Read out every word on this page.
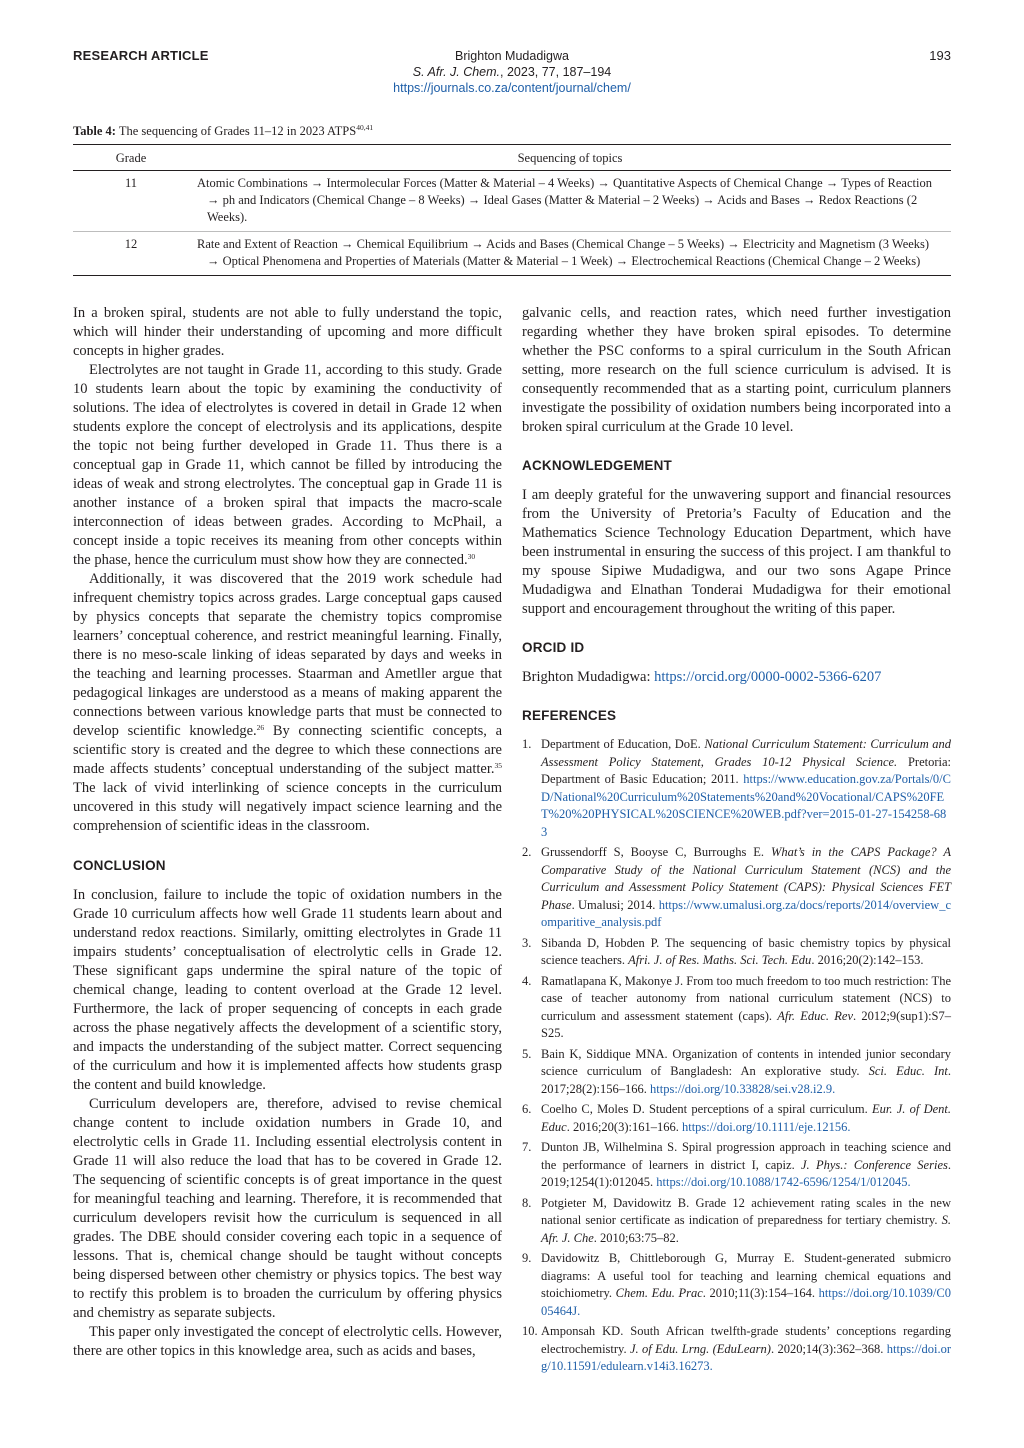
RESEARCH ARTICLE	Brighton Mudadigwa
S. Afr. J. Chem., 2023, 77, 187–194
https://journals.co.za/content/journal/chem/
193
Table 4: The sequencing of Grades 11–12 in 2023 ATPS$^{40,41}$
Grade	Sequencing of topics
11	Atomic Combinations → Intermolecular Forces (Matter & Material – 4 Weeks) → Quantitative Aspects of Chemical Change → Types of Reaction → ph and Indicators (Chemical Change – 8 Weeks) → Ideal Gases (Matter & Material – 2 Weeks) → Acids and Bases → Redox Reactions (2 Weeks).

12	Rate and Extent of Reaction → Chemical Equilibrium → Acids and Bases (Chemical Change – 5 Weeks) → Electricity and Magnetism (3 Weeks) → Optical Phenomena and Properties of Materials (Matter & Material – 1 Week) → Electrochemical Reactions (Chemical Change – 2 Weeks)

In a broken spiral, students are not able to fully understand the topic, which will hinder their understanding of upcoming and more difficult concepts in higher grades.

Electrolytes are not taught in Grade 11, according to this study. Grade 10 students learn about the topic by examining the conductivity of solutions. The idea of electrolytes is covered in detail in Grade 12 when students explore the concept of electrolysis and its applications, despite the topic not being further developed in Grade 11. Thus there is a conceptual gap in Grade 11, which cannot be filled by introducing the ideas of weak and strong electrolytes. The conceptual gap in Grade 11 is another instance of a broken spiral that impacts the macro-scale interconnection of ideas between grades. According to McPhail, a concept inside a topic receives its meaning from other concepts within the phase, hence the curriculum must show how they are connected.$^{30}$

Additionally, it was discovered that the 2019 work schedule had infrequent chemistry topics across grades. Large conceptual gaps caused by physics concepts that separate the chemistry topics compromise learners’ conceptual coherence, and restrict meaningful learning. Finally, there is no meso-scale linking of ideas separated by days and weeks in the teaching and learning processes. Staarman and Ametller argue that pedagogical linkages are understood as a means of making apparent the connections between various knowledge parts that must be connected to develop scientific knowledge.$^{26}$ By connecting scientific concepts, a scientific story is created and the degree to which these connections are made affects students’ conceptual understanding of the subject matter.$^{35}$ The lack of vivid interlinking of science concepts in the curriculum uncovered in this study will negatively impact science learning and the comprehension of scientific ideas in the classroom.

CONCLUSION

In conclusion, failure to include the topic of oxidation numbers in the Grade 10 curriculum affects how well Grade 11 students learn about and understand redox reactions. Similarly, omitting electrolytes in Grade 11 impairs students’ conceptualisation of electrolytic cells in Grade 12. These significant gaps undermine the spiral nature of the topic of chemical change, leading to content overload at the Grade 12 level. Furthermore, the lack of proper sequencing of concepts in each grade across the phase negatively affects the development of a scientific story, and impacts the understanding of the subject matter. Correct sequencing of the curriculum and how it is implemented affects how students grasp the content and build knowledge.

Curriculum developers are, therefore, advised to revise chemical change content to include oxidation numbers in Grade 10, and electrolytic cells in Grade 11. Including essential electrolysis content in Grade 11 will also reduce the load that has to be covered in Grade 12. The sequencing of scientific concepts is of great importance in the quest for meaningful teaching and learning. Therefore, it is recommended that curriculum developers revisit how the curriculum is sequenced in all grades. The DBE should consider covering each topic in a sequence of lessons. That is, chemical change should be taught without concepts being dispersed between other chemistry or physics topics. The best way to rectify this problem is to broaden the curriculum by offering physics and chemistry as separate subjects.

This paper only investigated the concept of electrolytic cells. However, there are other topics in this knowledge area, such as acids and bases,

galvanic cells, and reaction rates, which need further investigation regarding whether they have broken spiral episodes. To determine whether the PSC conforms to a spiral curriculum in the South African setting, more research on the full science curriculum is advised. It is consequently recommended that as a starting point, curriculum planners investigate the possibility of oxidation numbers being incorporated into a broken spiral curriculum at the Grade 10 level.

ACKNOWLEDGEMENT

I am deeply grateful for the unwavering support and financial resources from the University of Pretoria’s Faculty of Education and the Mathematics Science Technology Education Department, which have been instrumental in ensuring the success of this project. I am thankful to my spouse Sipiwe Mudadigwa, and our two sons Agape Prince Mudadigwa and Elnathan Tonderai Mudadigwa for their emotional support and encouragement throughout the writing of this paper.

ORCID ID

Brighton Mudadigwa: https://orcid.org/0000-0002-5366-6207

REFERENCES
1. Department of Education, DoE. National Curriculum Statement: Curriculum and Assessment Policy Statement, Grades 10-12 Physical Science. Pretoria: Department of Basic Education; 2011. https://www.education.gov.za/Portals/0/CD/National%20Curriculum%20Statements%20and%20Vocational/CAPS%20FET%20%20PHYSICAL%20SCIENCE%20WEB.pdf?ver=2015-01-27-154258-683
2. Grussendorff S, Booyse C, Burroughs E. What’s in the CAPS Package? A Comparative Study of the National Curriculum Statement (NCS) and the Curriculum and Assessment Policy Statement (CAPS): Physical Sciences FET Phase. Umalusi; 2014. https://www.umalusi.org.za/docs/reports/2014/overview_comparitive_analysis.pdf
3. Sibanda D, Hobden P. The sequencing of basic chemistry topics by physical science teachers. Afri. J. of Res. Maths. Sci. Tech. Edu. 2016;20(2):142–153.
4. Ramatlapana K, Makonye J. From too much freedom to too much restriction: The case of teacher autonomy from national curriculum statement (NCS) to curriculum and assessment statement (caps). Afr. Educ. Rev. 2012;9(sup1):S7–S25.
5. Bain K, Siddique MNA. Organization of contents in intended junior secondary science curriculum of Bangladesh: An explorative study. Sci. Educ. Int. 2017;28(2):156–166. https://doi.org/10.33828/sei.v28.i2.9.
6. Coelho C, Moles D. Student perceptions of a spiral curriculum. Eur. J. of Dent. Educ. 2016;20(3):161–166. https://doi.org/10.1111/eje.12156.
7. Dunton JB, Wilhelmina S. Spiral progression approach in teaching science and the performance of learners in district I, capiz. J. Phys.: Conference Series. 2019;1254(1):012045. https://doi.org/10.1088/1742-6596/1254/1/012045.
8. Potgieter M, Davidowitz B. Grade 12 achievement rating scales in the new national senior certificate as indication of preparedness for tertiary chemistry. S. Afr. J. Che. 2010;63:75–82.
9. Davidowitz B, Chittleborough G, Murray E. Student-generated submicro diagrams: A useful tool for teaching and learning chemical equations and stoichiometry. Chem. Edu. Prac. 2010;11(3):154–164. https://doi.org/10.1039/C005464J.
10. Amponsah KD. South African twelfth-grade students’ conceptions regarding electrochemistry. J. of Edu. Lrng. (EduLearn). 2020;14(3):362–368. https://doi.org/10.11591/edulearn.v14i3.16273.
